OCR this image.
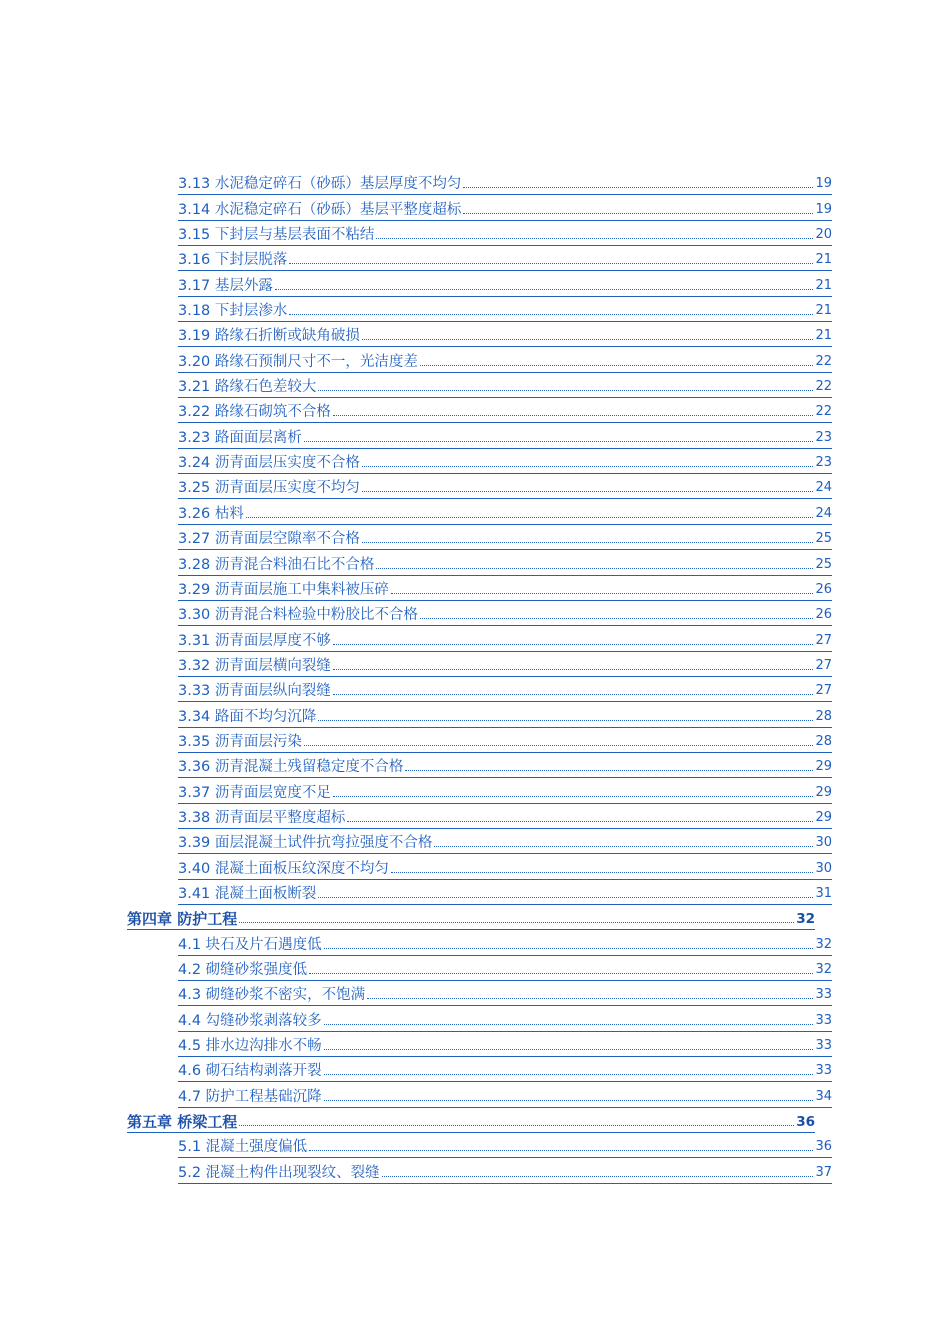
3.13 水泥稳定碎石（砂砾）基层厚度不均匀	19
3.14 水泥稳定碎石（砂砾）基层平整度超标	19
3.15 下封层与基层表面不粘结	20
3.16 下封层脱落	21
3.17 基层外露	21
3.18 下封层渗水	21
3.19 路缘石折断或缺角破损	21
3.20 路缘石预制尺寸不一，光洁度差	22
3.21 路缘石色差较大	22
3.22 路缘石砌筑不合格	22
3.23 路面面层离析	23
3.24 沥青面层压实度不合格	23
3.25 沥青面层压实度不均匀	24
3.26 枯料	24
3.27 沥青面层空隙率不合格	25
3.28 沥青混合料油石比不合格	25
3.29 沥青面层施工中集料被压碎	26
3.30 沥青混合料检验中粉胶比不合格	26
3.31 沥青面层厚度不够	27
3.32 沥青面层横向裂缝	27
3.33 沥青面层纵向裂缝	27
3.34 路面不均匀沉降	28
3.35 沥青面层污染	28
3.36 沥青混凝土残留稳定度不合格	29
3.37 沥青面层宽度不足	29
3.38 沥青面层平整度超标	29
3.39 面层混凝土试件抗弯拉强度不合格	30
3.40 混凝土面板压纹深度不均匀	30
3.41 混凝土面板断裂	31
第四章 防护工程	32
4.1 块石及片石遇度低	32
4.2 砌缝砂浆强度低	32
4.3 砌缝砂浆不密实，不饱满	33
4.4 勾缝砂浆剥落较多	33
4.5 排水边沟排水不畅	33
4.6 砌石结构剥落开裂	33
4.7 防护工程基础沉降	34
第五章 桥梁工程	36
5.1 混凝土强度偏低	36
5.2 混凝土构件出现裂纹、裂缝	37
